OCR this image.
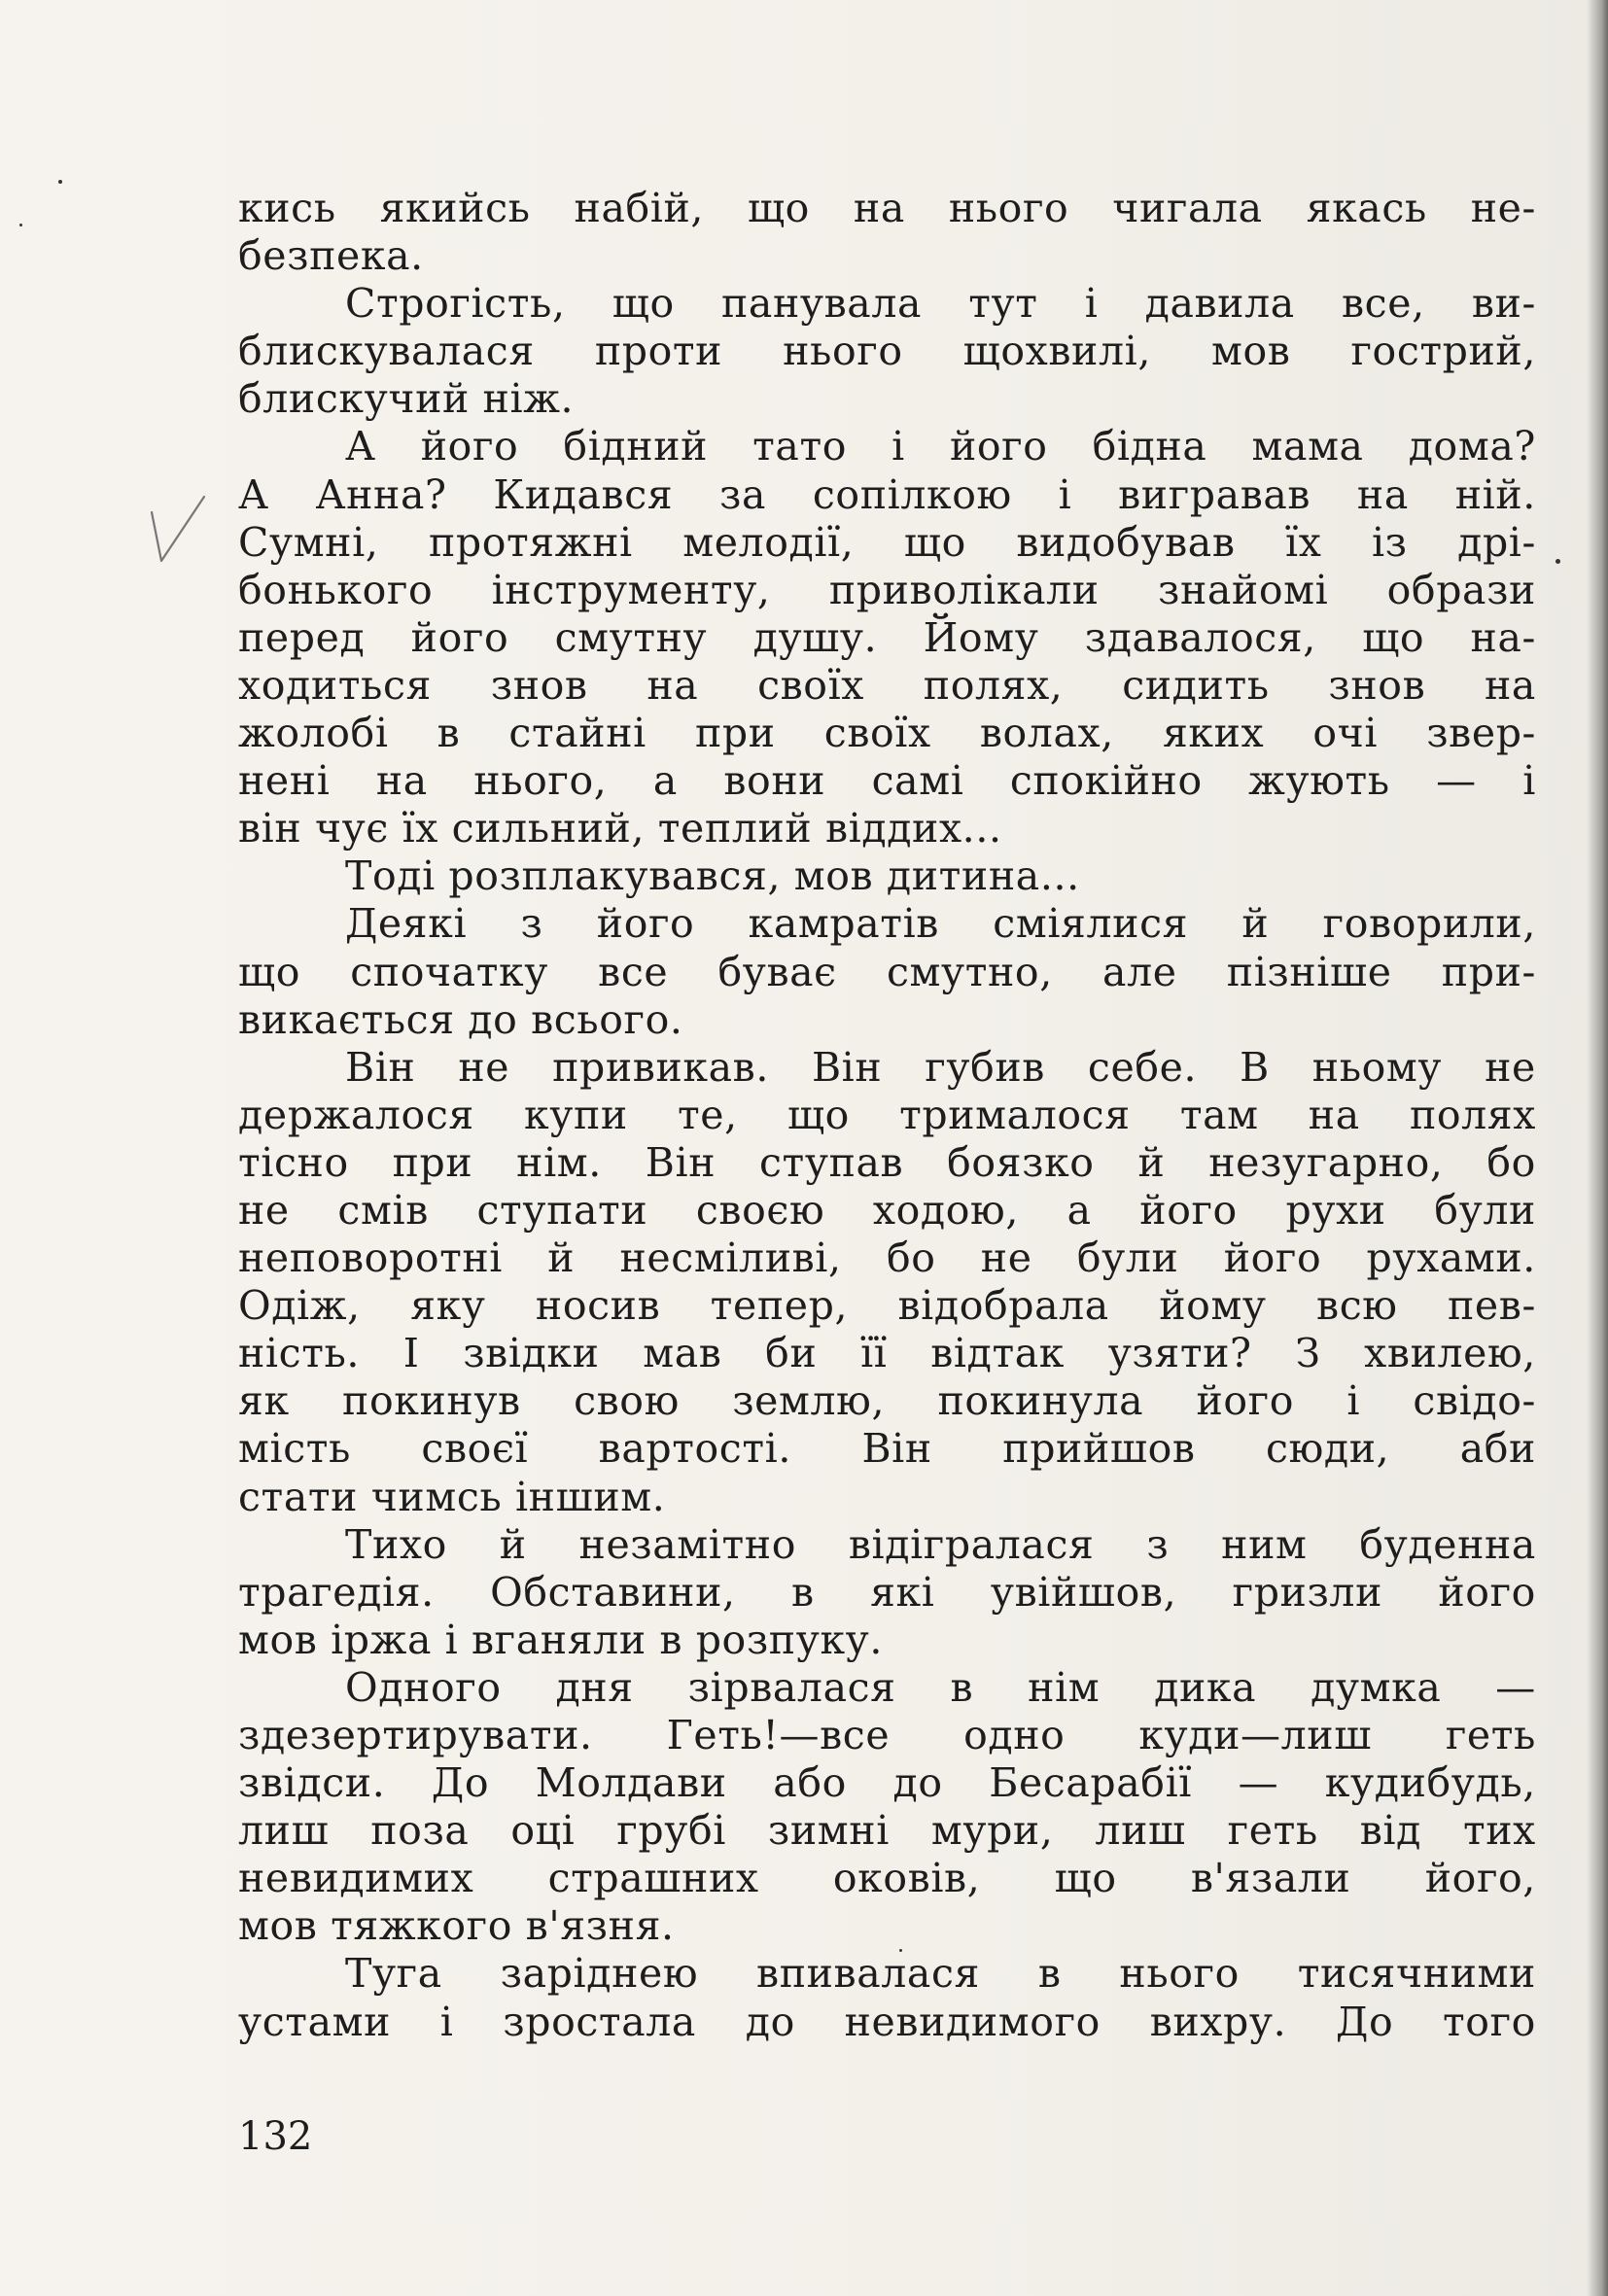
кись якийсь набій, що на нього чигала якась не-
безпека.
Строгість, що панувала тут і давила все, ви-
блискувалася проти нього щохвилі, мов гострий,
блискучий ніж.
А його бідний тато і його бідна мама дома?
А Анна? Кидався за сопілкою і вигравав на ній.
Сумні, протяжні мелодії, що видобував їх із дрі-
бонького інструменту, приволікали знайомі образи
перед його смутну душу. Йому здавалося, що на-
ходиться знов на своїх полях, сидить знов на
жолобі в стайні при своїх волах, яких очі звер-
нені на нього, а вони самі спокійно жують — і
він чує їх сильний, теплий віддих...
Тоді розплакувався, мов дитина...
Деякі з його камратів сміялися й говорили,
що спочатку все буває смутно, але пізніше при-
викається до всього.
Він не привикав. Він губив себе. В ньому не
держалося купи те, що трималося там на полях
тісно при нім. Він ступав боязко й незугарно, бо
не смів ступати своєю ходою, а його рухи були
неповоротні й несміливі, бо не були його рухами.
Одіж, яку носив тепер, відобрала йому всю пев-
ність. І звідки мав би її відтак узяти? З хвилею,
як покинув свою землю, покинула його і свідо-
мість своєї вартості. Він прийшов сюди, аби
стати чимсь іншим.
Тихо й незамітно відігралася з ним буденна
трагедія. Обставини, в які увійшов, гризли його
мов іржа і вганяли в розпуку.
Одного дня зірвалася в нім дика думка —
здезертирувати. Геть!—все одно куди—лиш геть
звідси. До Молдави або до Бесарабії — кудибудь,
лиш поза оці грубі зимні мури, лиш геть від тих
невидимих страшних оковів, що в'язали його,
мов тяжкого в'язня.
Туга заріднею впивалася в нього тисячними
устами і зростала до невидимого вихру. До того
132
